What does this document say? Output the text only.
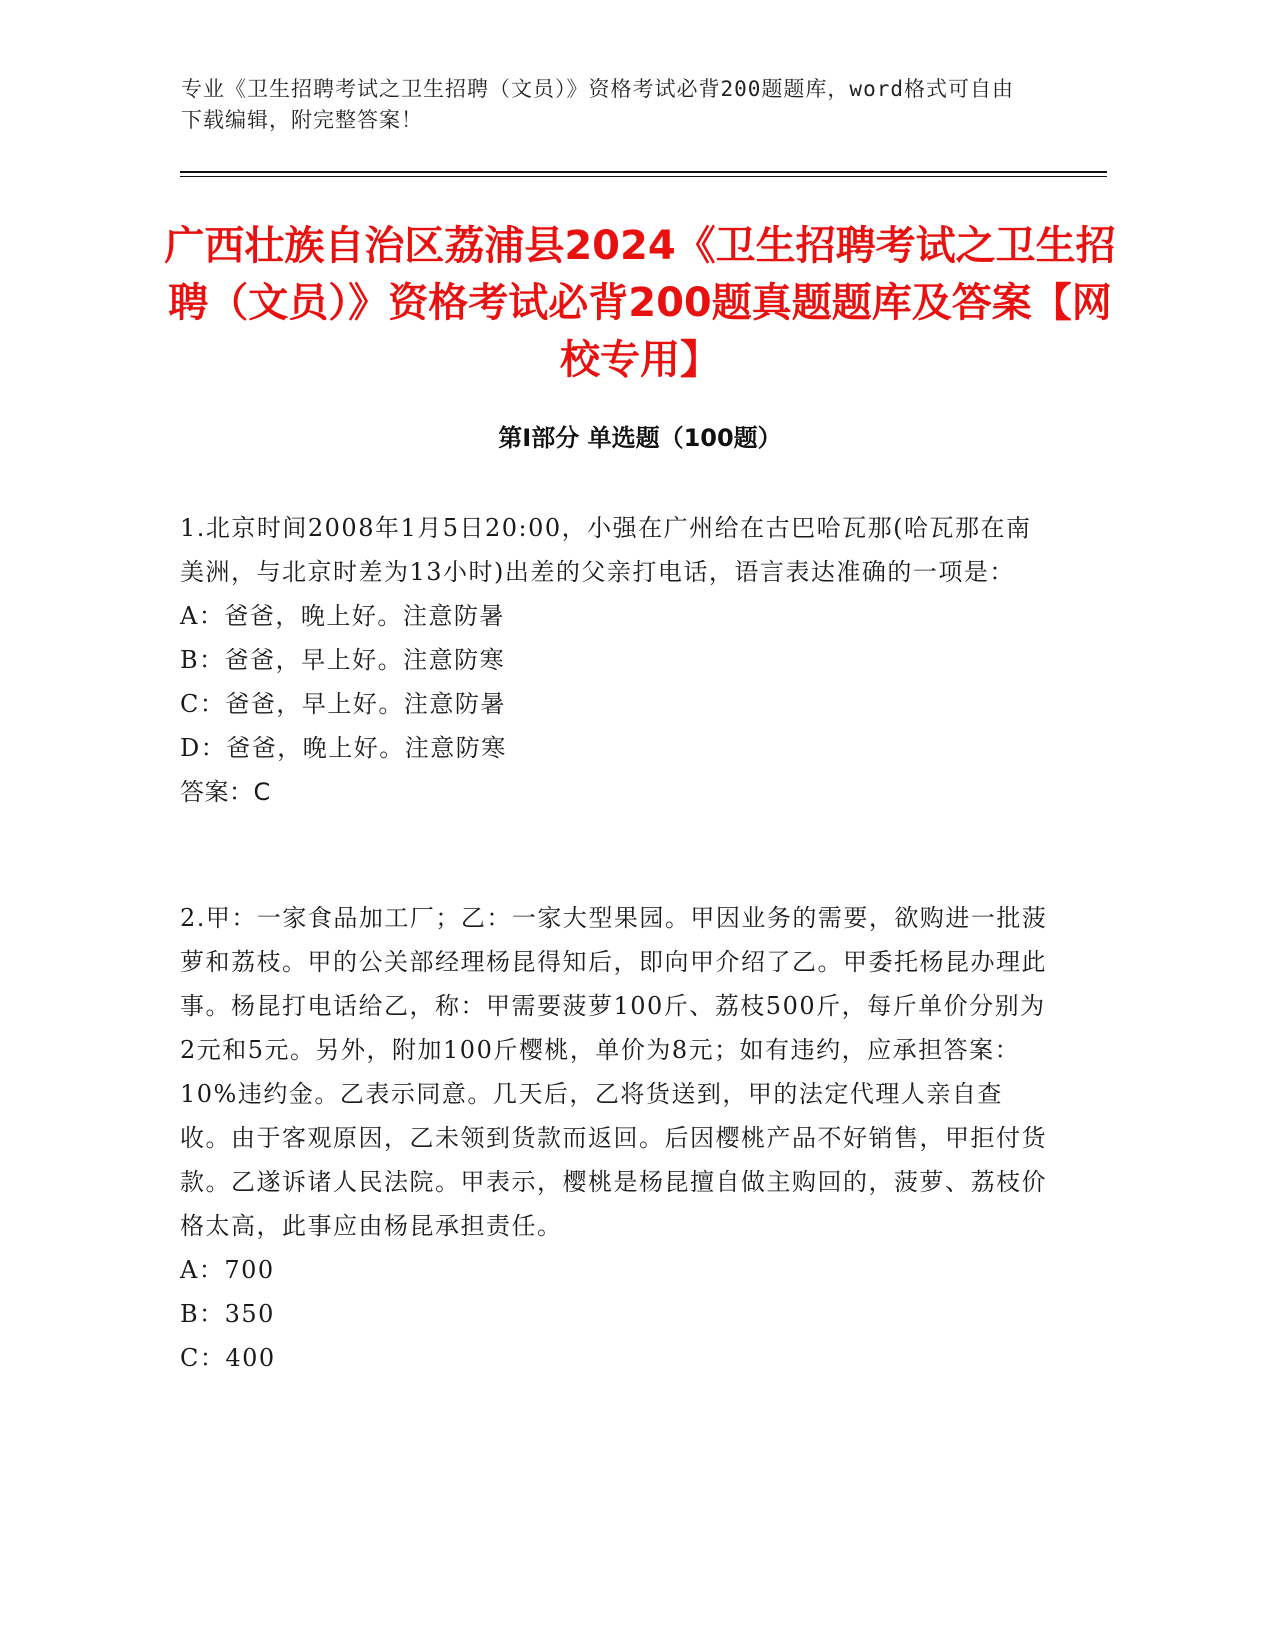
专业《卫生招聘考试之卫生招聘（文员）》资格考试必背200题题库，word格式可自由下载编辑，附完整答案！
广西壮族自治区荔浦县2024《卫生招聘考试之卫生招聘（文员）》资格考试必背200题真题题库及答案【网校专用】
第Ⅰ部分 单选题（100题）

1.北京时间2008年1月5日20:00，小强在广州给在古巴哈瓦那(哈瓦那在南美洲，与北京时差为13小时)出差的父亲打电话，语言表达准确的一项是：

A：爸爸，晚上好。注意防暑

B：爸爸，早上好。注意防寒

C：爸爸，早上好。注意防暑

D：爸爸，晚上好。注意防寒

答案：C

2.甲：一家食品加工厂；乙：一家大型果园。甲因业务的需要，欲购进一批菠萝和荔枝。甲的公关部经理杨昆得知后，即向甲介绍了乙。甲委托杨昆办理此事。杨昆打电话给乙，称：甲需要菠萝100斤、荔枝500斤，每斤单价分别为2元和5元。另外，附加100斤樱桃，单价为8元；如有违约，应承担答案：10%违约金。乙表示同意。几天后，乙将货送到，甲的法定代理人亲自查收。由于客观原因，乙未领到货款而返回。后因樱桃产品不好销售，甲拒付货款。乙遂诉诸人民法院。甲表示，樱桃是杨昆擅自做主购回的，菠萝、荔枝价格太高，此事应由杨昆承担责任。

A：700

B：350

C：400
